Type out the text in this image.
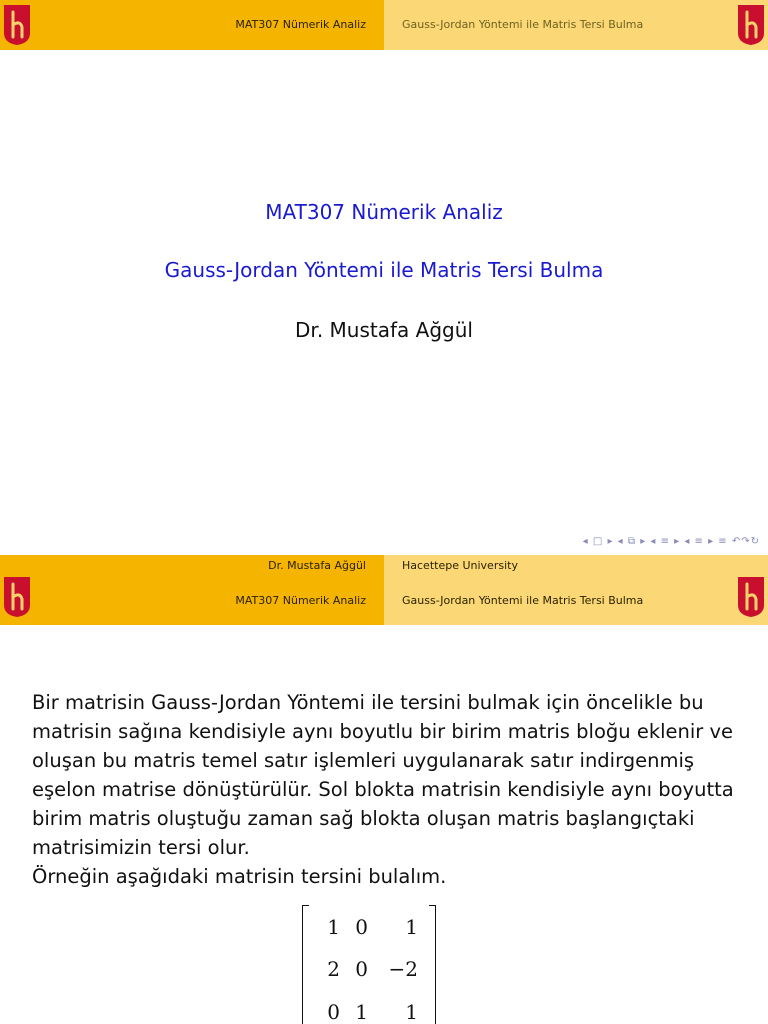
MAT307 Nümerik Analiz	Gauss-Jordan Yöntemi ile Matris Tersi Bulma
MAT307 Nümerik Analiz
Gauss-Jordan Yöntemi ile Matris Tersi Bulma
Dr. Mustafa Ağgül
◂ □ ▸ ◂ ⧉ ▸ ◂ ≡ ▸ ◂ ≡ ▸ ≡ ↶↷↻
Dr. Mustafa Ağgül
MAT307 Nümerik Analiz
Hacettepe University
Gauss-Jordan Yöntemi ile Matris Tersi Bulma

Bir matrisin Gauss-Jordan Yöntemi ile tersini bulmak için öncelikle bu matrisin sağına kendisiyle aynı boyutlu bir birim matris bloğu eklenir ve oluşan bu matris temel satır işlemleri uygulanarak satır indirgenmiş eşelon matrise dönüştürülür. Sol blokta matrisin kendisiyle aynı boyutta birim matris oluştuğu zaman sağ blokta oluşan matris başlangıçtaki matrisimizin tersi olur.

Örneğin aşağıdaki matrisin tersini bulalım.

1 0	1
2 0 −2
0 1	1
